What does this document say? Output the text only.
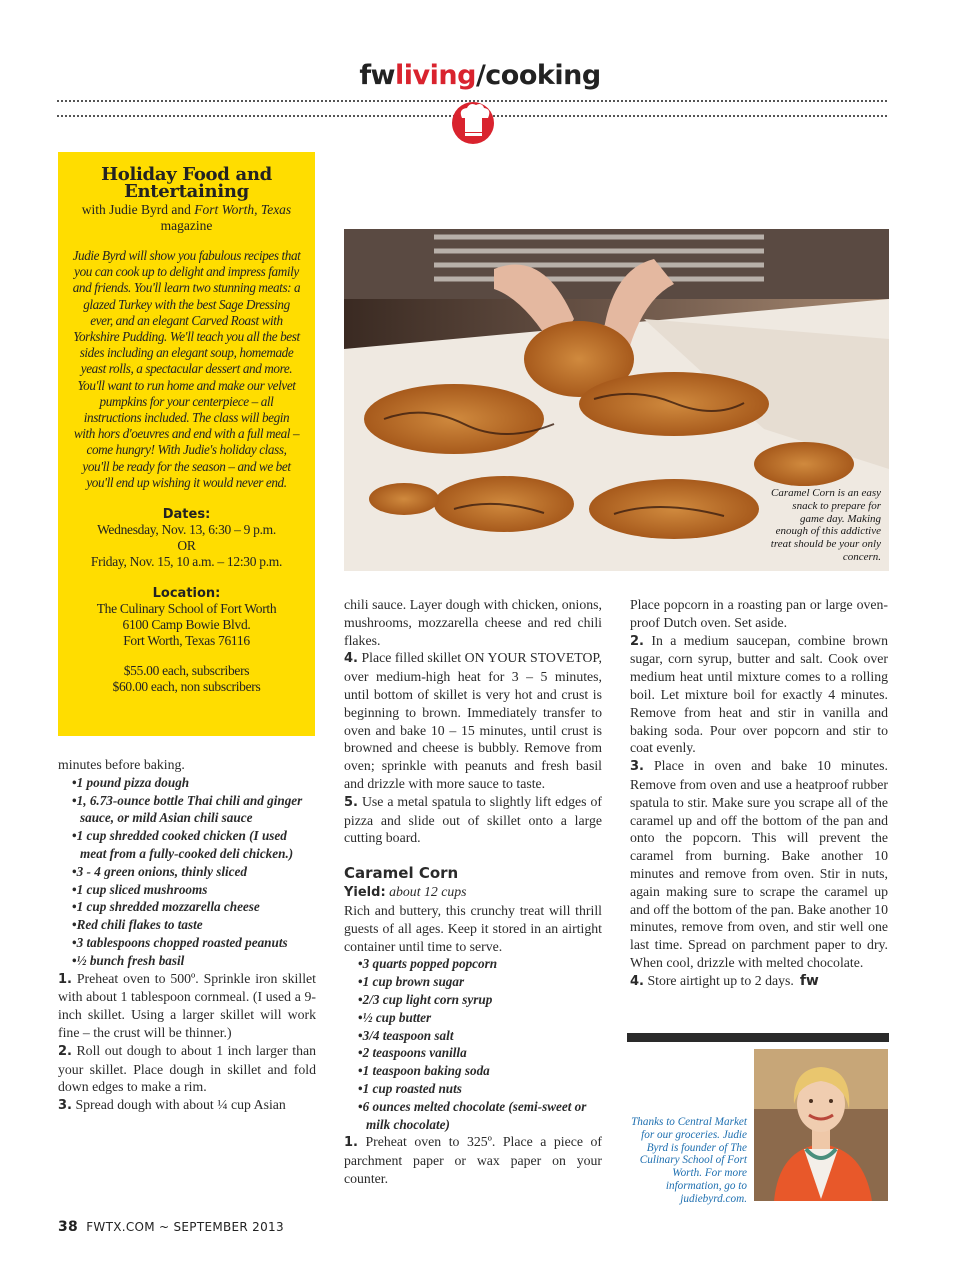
fwliving/cooking
Holiday Food and Entertaining
with Judie Byrd and Fort Worth, Texas
magazine
Judie Byrd will show you fabulous recipes that you can cook up to delight and impress family and friends. You'll learn two stunning meats: a glazed Turkey with the best Sage Dressing ever, and an elegant Carved Roast with Yorkshire Pudding. We'll teach you all the best sides including an elegant soup, homemade yeast rolls, a spectacular dessert and more. You'll want to run home and make our velvet pumpkins for your centerpiece – all instructions included. The class will begin with hors d'oeuvres and end with a full meal – come hungry! With Judie's holiday class, you'll be ready for the season – and we bet you'll end up wishing it would never end.
Dates:
Wednesday, Nov. 13, 6:30 – 9 p.m.
OR
Friday, Nov. 15, 10 a.m. – 12:30 p.m.
Location:
The Culinary School of Fort Worth
6100 Camp Bowie Blvd.
Fort Worth, Texas 76116
$55.00 each, subscribers
$60.00 each, non subscribers
Caramel Corn is an easy snack to prepare for game day. Making enough of this addictive treat should be your only concern.

minutes before baking.

• 1 pound pizza dough
• 1, 6.73-ounce bottle Thai chili and ginger sauce, or mild Asian chili sauce
• 1 cup shredded cooked chicken (I used meat from a fully-cooked deli chicken.)
• 3 - 4 green onions, thinly sliced
• 1 cup sliced mushrooms
• 1 cup shredded mozzarella cheese
• Red chili flakes to taste
• 3 tablespoons chopped roasted peanuts
• ½ bunch fresh basil

1. Preheat oven to 500º. Sprinkle iron skillet with about 1 tablespoon cornmeal. (I used a 9-inch skillet. Using a larger skillet will work fine – the crust will be thinner.)

2. Roll out dough to about 1 inch larger than your skillet. Place dough in skillet and fold down edges to make a rim.

3. Spread dough with about ¼ cup Asian

chili sauce. Layer dough with chicken, onions, mushrooms, mozzarella cheese and red chili flakes.

4. Place filled skillet ON YOUR STOVETOP, over medium-high heat for 3 – 5 minutes, until bottom of skillet is very hot and crust is beginning to brown. Immediately transfer to oven and bake 10 – 15 minutes, until crust is browned and cheese is bubbly. Remove from oven; sprinkle with peanuts and fresh basil and drizzle with more sauce to taste.

5. Use a metal spatula to slightly lift edges of pizza and slide out of skillet onto a large cutting board.

Caramel Corn
Yield: about 12 cups

Rich and buttery, this crunchy treat will thrill guests of all ages. Keep it stored in an airtight container until time to serve.

• 3 quarts popped popcorn
• 1 cup brown sugar
• 2/3 cup light corn syrup
• ½ cup butter
• 3/4 teaspoon salt
• 2 teaspoons vanilla
• 1 teaspoon baking soda
• 1 cup roasted nuts
• 6 ounces melted chocolate (semi-sweet or milk chocolate)

1. Preheat oven to 325º. Place a piece of parchment paper or wax paper on your counter.

Place popcorn in a roasting pan or large oven-proof Dutch oven. Set aside.

2. In a medium saucepan, combine brown sugar, corn syrup, butter and salt. Cook over medium heat until mixture comes to a rolling boil. Let mixture boil for exactly 4 minutes. Remove from heat and stir in vanilla and baking soda. Pour over popcorn and stir to coat evenly.

3. Place in oven and bake 10 minutes. Remove from oven and use a heatproof rubber spatula to stir. Make sure you scrape all of the caramel up and off the bottom of the pan and onto the popcorn. This will prevent the caramel from burning. Bake another 10 minutes and remove from oven. Stir in nuts, again making sure to scrape the caramel up and off the bottom of the pan. Bake another 10 minutes, remove from oven, and stir well one last time. Spread on parchment paper to dry. When cool, drizzle with melted chocolate.

4. Store airtight up to 2 days. fw

Thanks to Central Market for our groceries. Judie Byrd is founder of The Culinary School of Fort Worth. For more information, go to judiebyrd.com.
38 FWTX.COM ~ SEPTEMBER 2013
